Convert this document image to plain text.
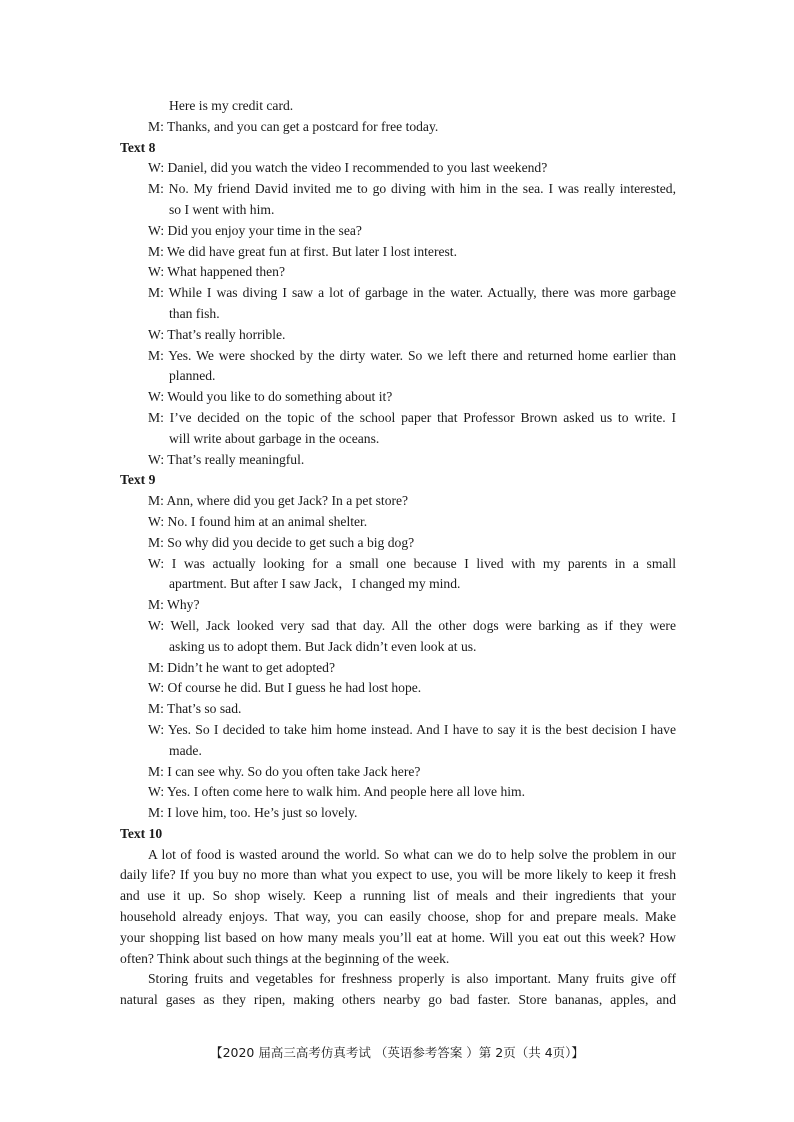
Here is my credit card.
M: Thanks, and you can get a postcard for free today.
Text 8
W: Daniel, did you watch the video I recommended to you last weekend?
M: No. My friend David invited me to go diving with him in the sea. I was really interested,
so I went with him.
W: Did you enjoy your time in the sea?
M: We did have great fun at first. But later I lost interest.
W: What happened then?
M: While I was diving I saw a lot of garbage in the water. Actually, there was more garbage
than fish.
W: That’s really horrible.
M: Yes. We were shocked by the dirty water. So we left there and returned home earlier than
planned.
W: Would you like to do something about it?
M: I’ve decided on the topic of the school paper that Professor Brown asked us to write. I
will write about garbage in the oceans.
W: That’s really meaningful.
Text 9
M: Ann, where did you get Jack? In a pet store?
W: No. I found him at an animal shelter.
M: So why did you decide to get such a big dog?
W: I was actually looking for a small one because I lived with my parents in a small
apartment. But after I saw Jack，I changed my mind.
M: Why?
W: Well, Jack looked very sad that day. All the other dogs were barking as if they were
asking us to adopt them. But Jack didn’t even look at us.
M: Didn’t he want to get adopted?
W: Of course he did. But I guess he had lost hope.
M: That’s so sad.
W: Yes. So I decided to take him home instead. And I have to say it is the best decision I have
made.
M: I can see why. So do you often take Jack here?
W: Yes. I often come here to walk him. And people here all love him.
M: I love him, too. He’s just so lovely.
Text 10
A lot of food is wasted around the world. So what can we do to help solve the problem in our
daily life? If you buy no more than what you expect to use, you will be more likely to keep it fresh
and use it up. So shop wisely. Keep a running list of meals and their ingredients that your
household already enjoys. That way, you can easily choose, shop for and prepare meals. Make
your shopping list based on how many meals you’ll eat at home. Will you eat out this week? How
often? Think about such things at the beginning of the week.
Storing fruits and vegetables for freshness properly is also important. Many fruits give off
natural gases as they ripen, making others nearby go bad faster. Store bananas, apples, and
【2020 届高三高考仿真考试 （英语参考答案 ）第 2页（共 4页）】
